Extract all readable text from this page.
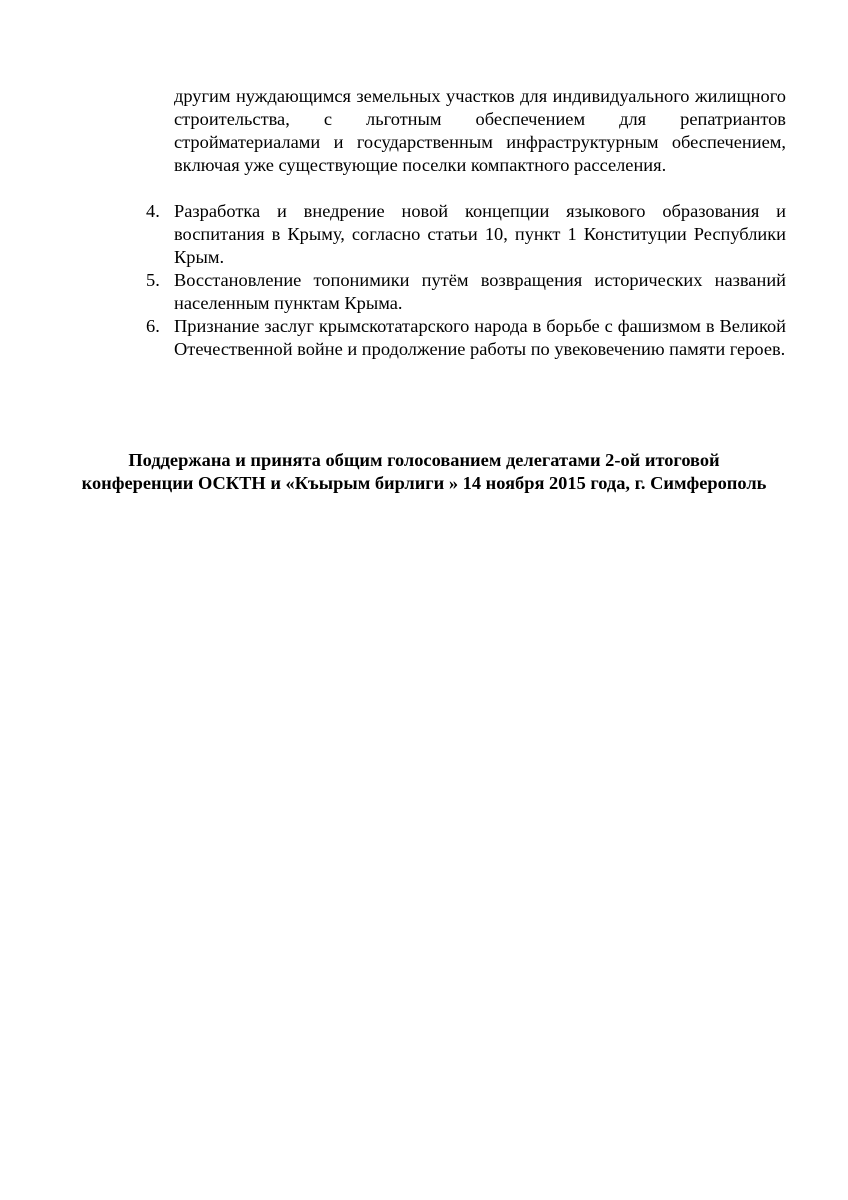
другим нуждающимся земельных участков для индивидуального жилищного строительства, с льготным обеспечением для репатриантов стройматериалами и государственным инфраструктурным обеспечением, включая уже существующие поселки компактного расселения.

4. Разработка и внедрение новой концепции языкового образования и воспитания в Крыму, согласно статьи 10, пункт 1 Конституции Республики Крым.
5. Восстановление топонимики путём возвращения исторических названий населенным пунктам Крыма.
6. Признание заслуг крымскотатарского народа в борьбе с фашизмом в Великой Отечественной войне и продолжение работы по увековечению памяти героев.
Поддержана и принята общим голосованием делегатами 2-ой итоговой
конференции ОСКТН и «Къырым бирлиги » 14 ноября 2015 года, г. Симферополь
